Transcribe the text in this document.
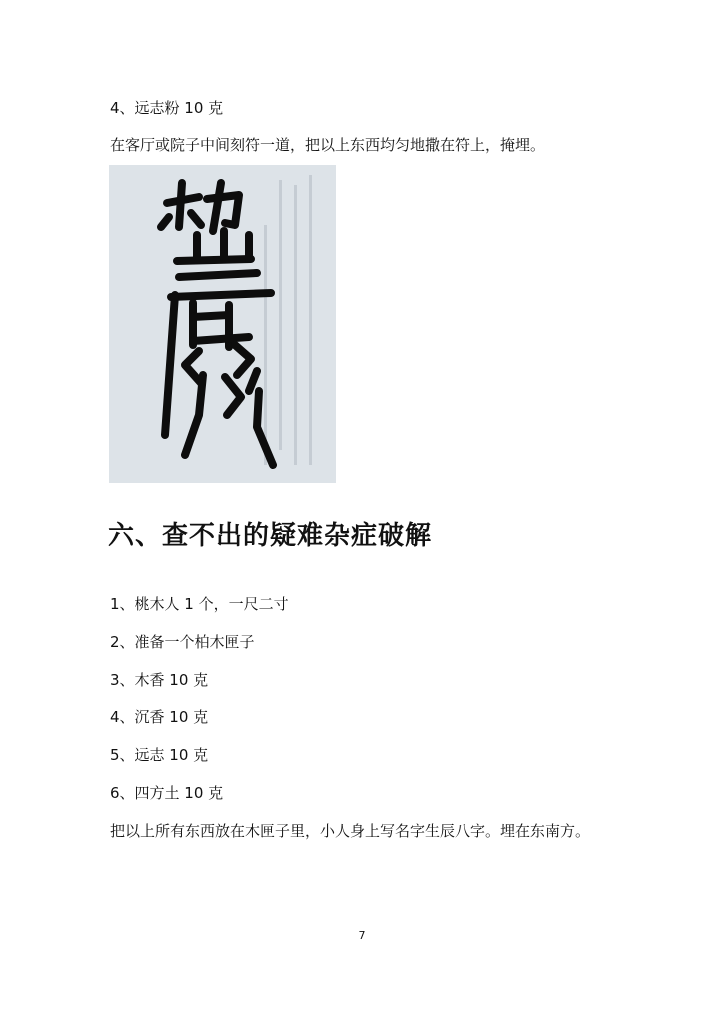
4、远志粉 10 克
在客厅或院子中间刻符一道，把以上东西均匀地撒在符上，掩埋。
六、查不出的疑难杂症破解
1、桃木人 1 个，一尺二寸
2、准备一个柏木匣子
3、木香 10 克
4、沉香 10 克
5、远志 10 克
6、四方土 10 克
把以上所有东西放在木匣子里，小人身上写名字生辰八字。埋在东南方。
7
